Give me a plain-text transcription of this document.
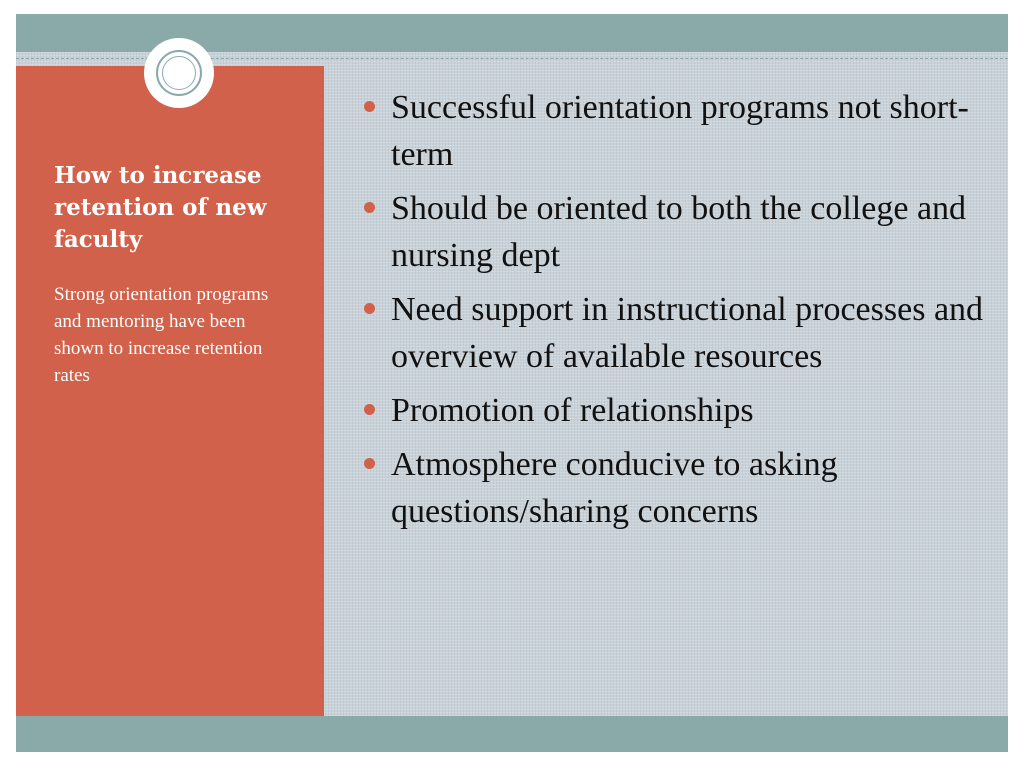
How to increase retention of new faculty

Strong orientation programs and mentoring have been shown to increase retention rates

Successful orientation programs not short-term
Should be oriented to both the college and nursing dept
Need support in instructional processes and overview of available resources
Promotion of relationships
Atmosphere conducive to asking questions/sharing concerns
